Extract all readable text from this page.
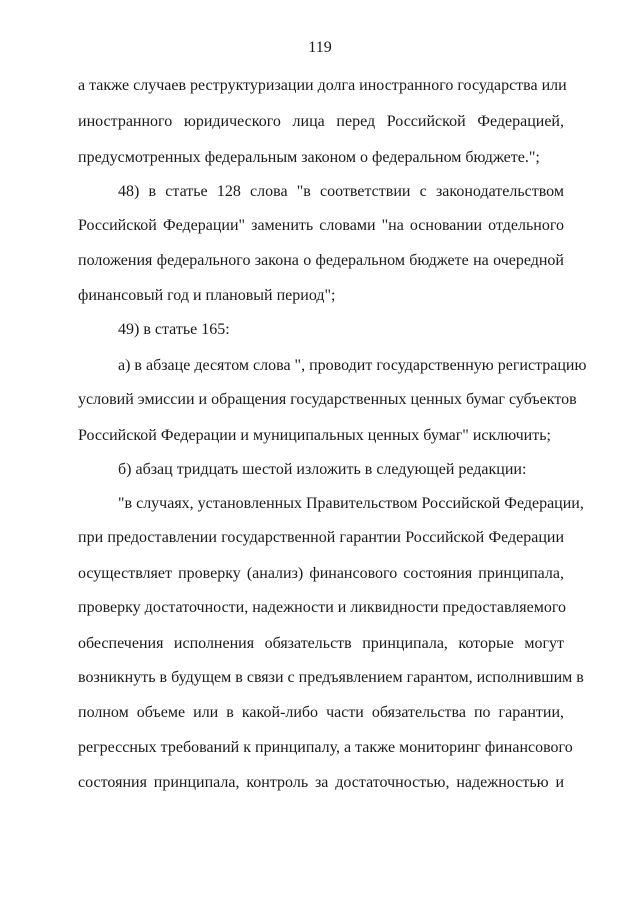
119
а также случаев реструктуризации долга иностранного государства или
иностранного юридического лица перед Российской Федерацией,
предусмотренных федеральным законом о федеральном бюджете.";
48) в статье 128 слова "в соответствии с законодательством
Российской Федерации" заменить словами "на основании отдельного
положения федерального закона о федеральном бюджете на очередной
финансовый год и плановый период";
49) в статье 165:
а) в абзаце десятом слова ", проводит государственную регистрацию
условий эмиссии и обращения государственных ценных бумаг субъектов
Российской Федерации и муниципальных ценных бумаг" исключить;
б) абзац тридцать шестой изложить в следующей редакции:
"в случаях, установленных Правительством Российской Федерации,
при предоставлении государственной гарантии Российской Федерации
осуществляет проверку (анализ) финансового состояния принципала,
проверку достаточности, надежности и ликвидности предоставляемого
обеспечения исполнения обязательств принципала, которые могут
возникнуть в будущем в связи с предъявлением гарантом, исполнившим в
полном объеме или в какой-либо части обязательства по гарантии,
регрессных требований к принципалу, а также мониторинг финансового
состояния принципала, контроль за достаточностью, надежностью и
